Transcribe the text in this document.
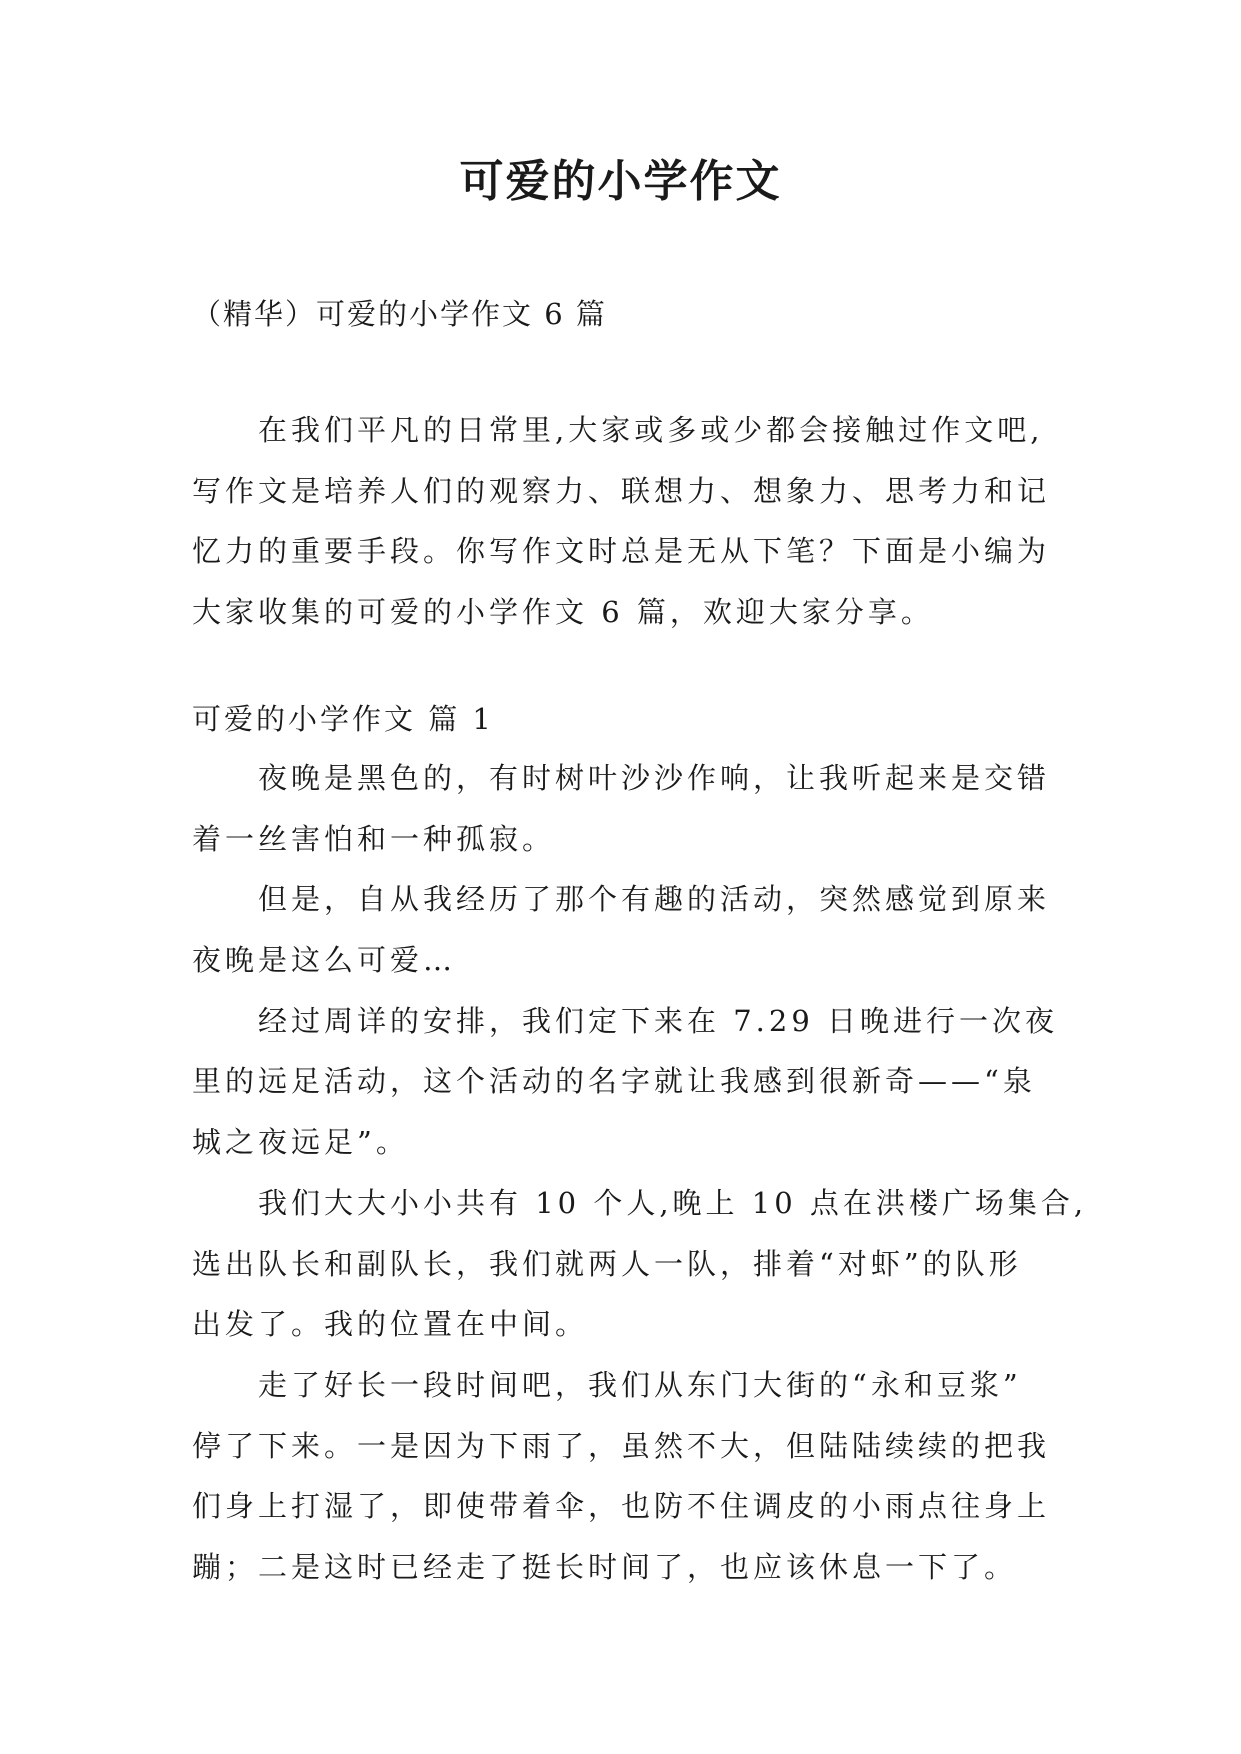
可爱的小学作文
（精华）可爱的小学作文 6 篇
在我们平凡的日常里,大家或多或少都会接触过作文吧,
写作文是培养人们的观察力、联想力、想象力、思考力和记
忆力的重要手段。你写作文时总是无从下笔？下面是小编为
大家收集的可爱的小学作文 6 篇，欢迎大家分享。
可爱的小学作文 篇 1
夜晚是黑色的，有时树叶沙沙作响，让我听起来是交错
着一丝害怕和一种孤寂。
但是，自从我经历了那个有趣的活动，突然感觉到原来
夜晚是这么可爱…
经过周详的安排，我们定下来在 7.29 日晚进行一次夜
里的远足活动，这个活动的名字就让我感到很新奇——“泉
城之夜远足”。
我们大大小小共有 10 个人,晚上 10 点在洪楼广场集合,
选出队长和副队长，我们就两人一队，排着“对虾”的队形
出发了。我的位置在中间。
走了好长一段时间吧，我们从东门大街的“永和豆浆”
停了下来。一是因为下雨了，虽然不大，但陆陆续续的把我
们身上打湿了，即使带着伞，也防不住调皮的小雨点往身上
蹦；二是这时已经走了挺长时间了，也应该休息一下了。
